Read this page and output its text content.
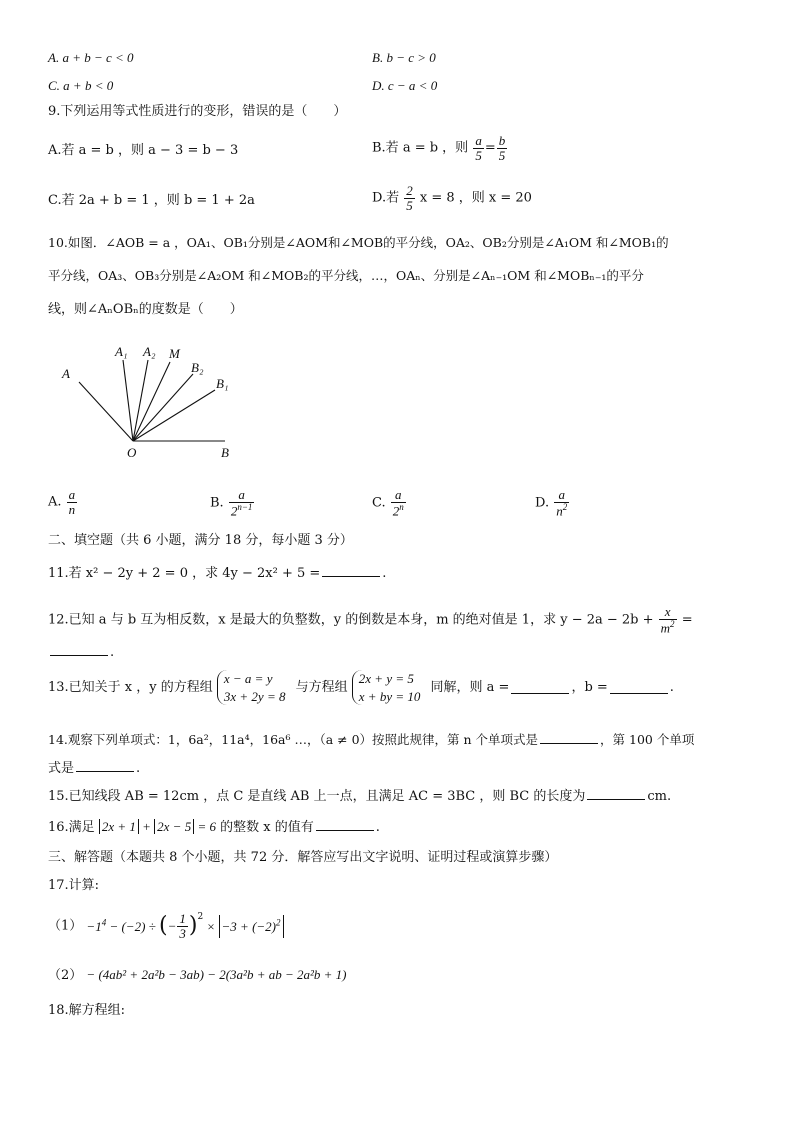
A. a + b − c < 0	B. b − c > 0
C. a + b < 0	D. c − a < 0
9.下列运用等式性质进行的变形，错误的是（　　）
A.若 a = b ，则 a − 3 = b − 3	B.若 a = b ，则 $\frac{a}{5} = \frac{b}{5}$
C.若 2a + b = 1 ，则 b = 1 + 2a	D.若 $\frac{2}{5}$ x = 8 ，则 x = 20
10.如图．∠AOB = a ，OA₁、OB₁分别是∠AOM和∠MOB的平分线，OA₂、OB₂分别是∠A₁OM 和∠MOB₁的
平分线，OA₃、OB₃分别是∠A₂OM 和∠MOB₂的平分线，…，OAₙ、分别是∠Aₙ₋₁OM 和∠MOBₙ₋₁的平分
线，则∠AₙOBₙ的度数是（　　）
A
A₁ A₂ M
B₂
B₁
O	B
A. $\frac{a}{n}$	B. $\frac{a}{2^{n-1}}$	C. $\frac{a}{2^n}$	D. $\frac{a}{n^2}$
二、填空题（共 6 小题，满分 18 分，每小题 3 分）
11.若 x² − 2y + 2 = 0 ，求 4y − 2x² + 5 =	.
12.已知 a 与 b 互为相反数，x 是最大的负整数，y 的倒数是本身，m 的绝对值是 1，求 $y - 2a - 2b + \frac{x}{m^2}$ =
.
13.已知关于 x ，y 的方程组 x − a = y
3x + 2y = 8 与方程组 2x + y = 5
x + by = 10 同解，则 a =	，b =	.
14.观察下列单项式：1，6a²，11a⁴，16a⁶ …，（a ≠ 0）按照此规律，第 n 个单项式是	，第 100 个单项
式是	.
15.已知线段 AB = 12cm ，点 C 是直线 AB 上一点，且满足 AC = 3BC ，则 BC 的长度为	cm.
16.满足 2x + 1 + 2x − 5 = 6 的整数 x 的值有	.
三、解答题（本题共 8 个小题，共 72 分．解答应写出文字说明、证明过程或演算步骤）
17.计算:
$(1) -1^4 - (-2)$ ÷ (− $\frac{1}{3} )^2 \times -3 + (-2)^2$
（2） − (4ab² + 2a²b − 3ab) − 2(3a²b + ab − 2a²b + 1)
18.解方程组:
